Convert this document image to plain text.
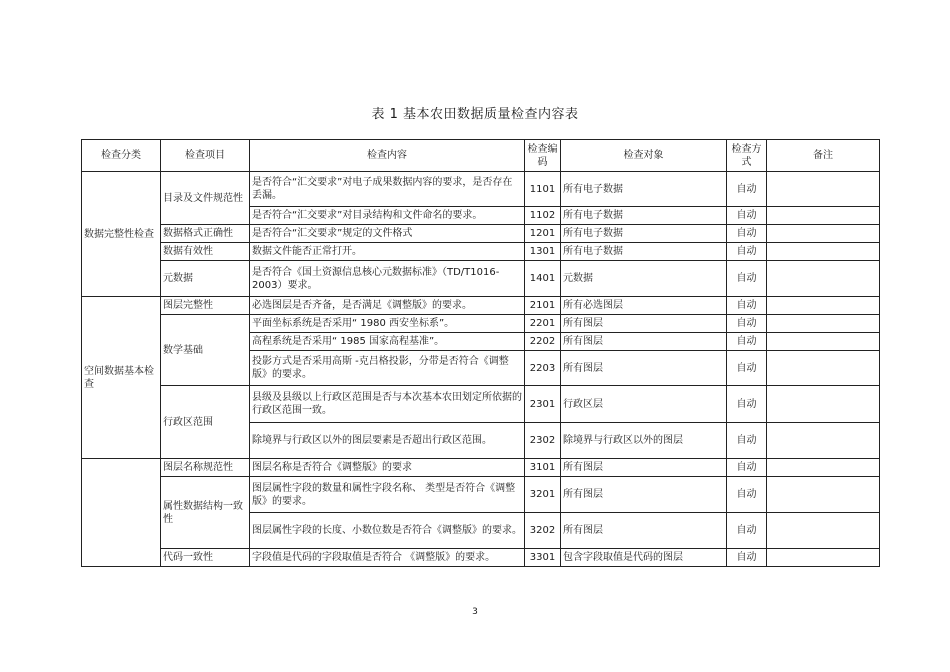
表 1 基本农田数据质量检查内容表
检查分类	检查项目	检查内容	检查编码	检查对象	检查方式	备注
数据完整性检查	目录及文件规范性	是否符合“汇交要求”对电子成果数据内容的要求，是否存在丢漏。	1101	所有电子数据	自动	
		是否符合“汇交要求”对目录结构和文件命名的要求。	1102	所有电子数据	自动	
	数据格式正确性	是否符合“汇交要求”规定的文件格式	1201	所有电子数据	自动	
	数据有效性	数据文件能否正常打开。	1301	所有电子数据	自动	
	元数据	是否符合《国土资源信息核心元数据标准》（TD/T1016-2003）要求。	1401	元数据	自动	
空间数据基本检查	图层完整性	必选图层是否齐备，是否满足《调整版》的要求。	2101	所有必选图层	自动	
	数学基础	平面坐标系统是否采用“ 1980 西安坐标系”。	2201	所有图层	自动	
		高程系统是否采用“ 1985 国家高程基准”。	2202	所有图层	自动	
		投影方式是否采用高斯 -克吕格投影，分带是否符合《调整版》的要求。	2203	所有图层	自动	
	行政区范围	县级及县级以上行政区范围是否与本次基本农田划定所依据的行政区范围一致。	2301	行政区层	自动	
		除境界与行政区以外的图层要素是否超出行政区范围。	2302	除境界与行政区以外的图层	自动	
	图层名称规范性	图层名称是否符合《调整版》的要求	3101	所有图层	自动	
	属性数据结构一致性	图层属性字段的数量和属性字段名称、 类型是否符合《调整版》的要求。	3201	所有图层	自动	
		图层属性字段的长度、小数位数是否符合《调整版》的要求。	3202	所有图层	自动	
	代码一致性	字段值是代码的字段取值是否符合 《调整版》的要求。	3301	包含字段取值是代码的图层	自动	
3
